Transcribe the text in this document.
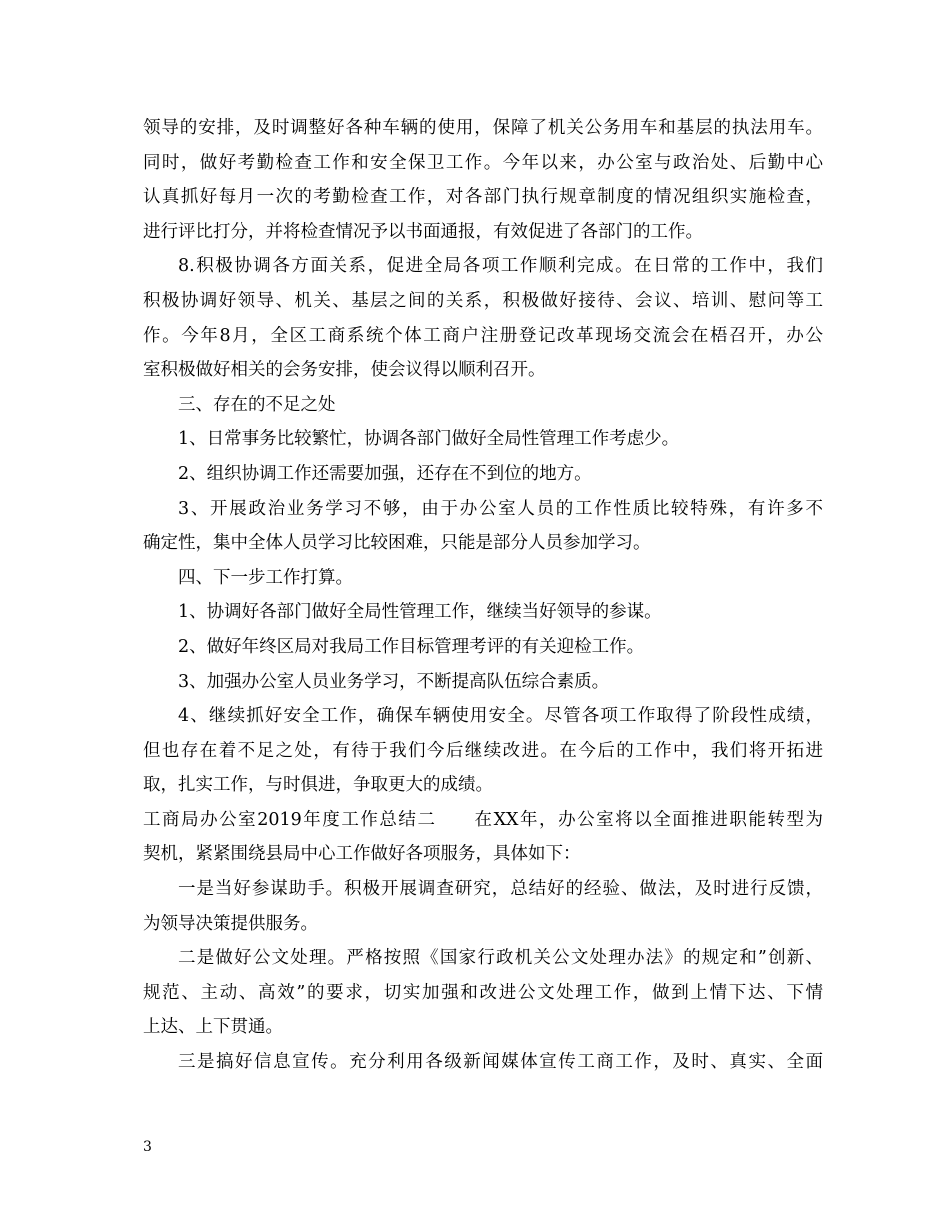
领导的安排，及时调整好各种车辆的使用，保障了机关公务用车和基层的执法用车。
同时，做好考勤检查工作和安全保卫工作。今年以来，办公室与政治处、后勤中心
认真抓好每月一次的考勤检查工作，对各部门执行规章制度的情况组织实施检查，
进行评比打分，并将检查情况予以书面通报，有效促进了各部门的工作。
8.积极协调各方面关系，促进全局各项工作顺利完成。在日常的工作中，我们
积极协调好领导、机关、基层之间的关系，积极做好接待、会议、培训、慰问等工
作。今年8月，全区工商系统个体工商户注册登记改革现场交流会在梧召开，办公
室积极做好相关的会务安排，使会议得以顺利召开。
三、存在的不足之处
1、日常事务比较繁忙，协调各部门做好全局性管理工作考虑少。
2、组织协调工作还需要加强，还存在不到位的地方。
3、开展政治业务学习不够，由于办公室人员的工作性质比较特殊，有许多不
确定性，集中全体人员学习比较困难，只能是部分人员参加学习。
四、下一步工作打算。
1、协调好各部门做好全局性管理工作，继续当好领导的参谋。
2、做好年终区局对我局工作目标管理考评的有关迎检工作。
3、加强办公室人员业务学习，不断提高队伍综合素质。
4、继续抓好安全工作，确保车辆使用安全。尽管各项工作取得了阶段性成绩，
但也存在着不足之处，有待于我们今后继续改进。在今后的工作中，我们将开拓进
取，扎实工作，与时俱进，争取更大的成绩。
工商局办公室2019年度工作总结二　　在XX年，办公室将以全面推进职能转型为
契机，紧紧围绕县局中心工作做好各项服务，具体如下：
一是当好参谋助手。积极开展调查研究，总结好的经验、做法，及时进行反馈，
为领导决策提供服务。
二是做好公文处理。严格按照《国家行政机关公文处理办法》的规定和”创新、
规范、主动、高效”的要求，切实加强和改进公文处理工作，做到上情下达、下情
上达、上下贯通。
三是搞好信息宣传。充分利用各级新闻媒体宣传工商工作，及时、真实、全面
3
